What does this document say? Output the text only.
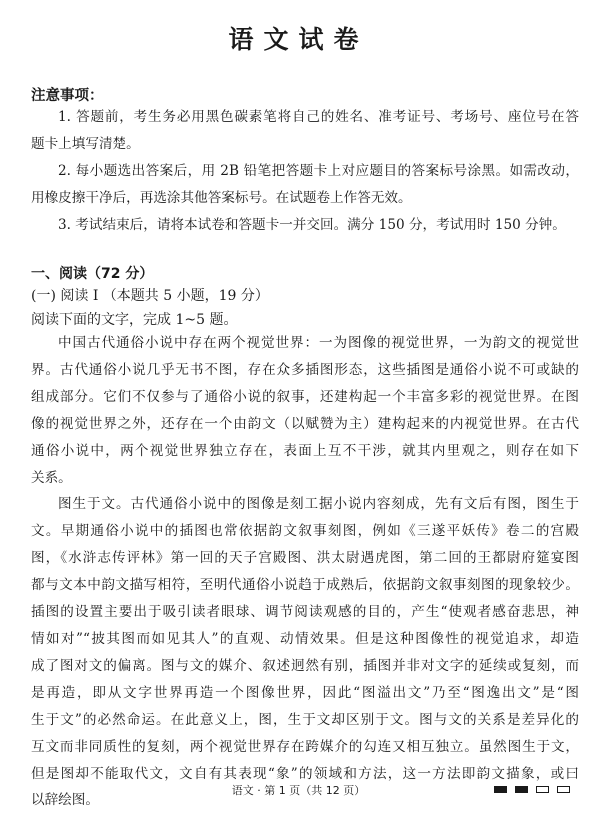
语文试卷
注意事项：
1. 答题前，考生务必用黑色碳素笔将自己的姓名、准考证号、考场号、座位号在答
题卡上填写清楚。
2. 每小题选出答案后，用 2B 铅笔把答题卡上对应题目的答案标号涂黑。如需改动，
用橡皮擦干净后，再选涂其他答案标号。在试题卷上作答无效。
3. 考试结束后，请将本试卷和答题卡一并交回。满分 150 分，考试用时 150 分钟。
一、阅读（72 分）
(一) 阅读 I （本题共 5 小题，19 分）
阅读下面的文字，完成 1~5 题。
中国古代通俗小说中存在两个视觉世界：一为图像的视觉世界，一为韵文的视觉世
界。古代通俗小说几乎无书不图，存在众多插图形态，这些插图是通俗小说不可或缺的
组成部分。它们不仅参与了通俗小说的叙事，还建构起一个丰富多彩的视觉世界。在图
像的视觉世界之外，还存在一个由韵文（以赋赞为主）建构起来的内视觉世界。在古代
通俗小说中，两个视觉世界独立存在，表面上互不干涉，就其内里观之，则存在如下
关系。
图生于文。古代通俗小说中的图像是刻工据小说内容刻成，先有文后有图，图生于
文。早期通俗小说中的插图也常依据韵文叙事刻图，例如《三遂平妖传》卷二的宫殿
图，《水浒志传评林》第一回的天子宫殿图、洪太尉遇虎图，第二回的王都尉府筵宴图
都与文本中韵文描写相符，至明代通俗小说趋于成熟后，依据韵文叙事刻图的现象较少。
插图的设置主要出于吸引读者眼球、调节阅读观感的目的，产生“使观者感奋悲思，神
情如对”“披其图而如见其人”的直观、动情效果。但是这种图像性的视觉追求，却造
成了图对文的偏离。图与文的媒介、叙述迥然有别，插图并非对文字的延续或复刻，而
是再造，即从文字世界再造一个图像世界，因此“图溢出文”乃至“图逸出文”是“图
生于文”的必然命运。在此意义上，图，生于文却区别于文。图与文的关系是差异化的
互文而非同质性的复刻，两个视觉世界存在跨媒介的勾连又相互独立。虽然图生于文，
但是图却不能取代文，文自有其表现“象”的领域和方法，这一方法即韵文描象，或曰
以辞绘图。
语文 · 第 1 页（共 12 页）
